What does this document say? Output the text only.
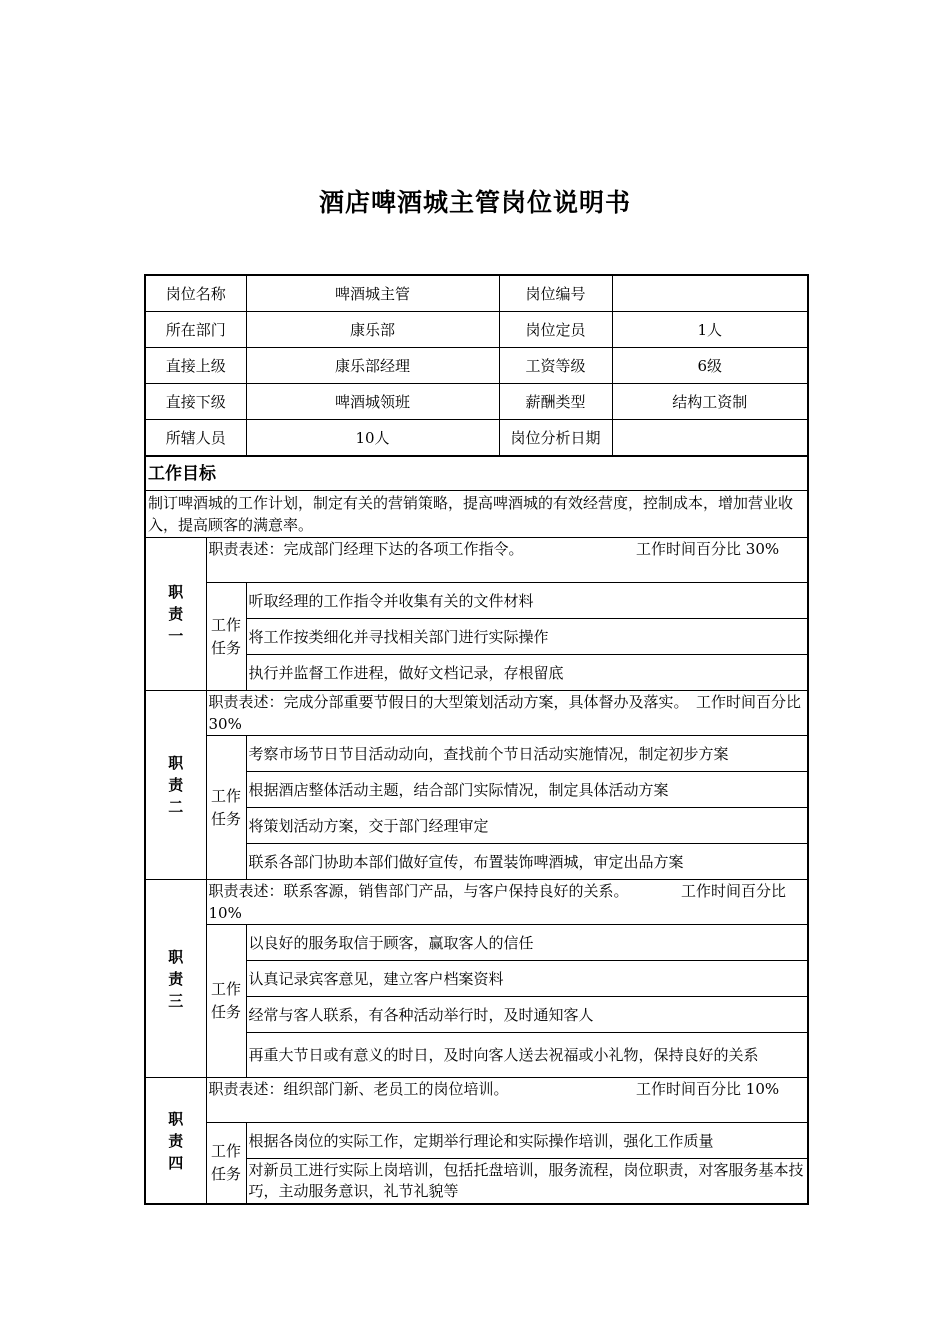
酒店啤酒城主管岗位说明书
岗位名称		啤酒城主管	岗位编号	
所在部门		康乐部	岗位定员	1人
直接上级		康乐部经理	工资等级	6级
直接下级		啤酒城领班	薪酬类型	结构工资制
所辖人员		10人	岗位分析日期	
工作目标				
制订啤酒城的工作计划，制定有关的营销策略，提高啤酒城的有效经营度，控制成本，增加营业收入，提高顾客的满意率。				
职责一	职责表述：完成部门经理下达的各项工作指令。　　　　　　　　工作时间百分比 30%			
	工作任务	听取经理的工作指令并收集有关的文件材料		
		将工作按类细化并寻找相关部门进行实际操作		
		执行并监督工作进程，做好文档记录，存根留底		
职责二	职责表述：完成分部重要节假日的大型策划活动方案，具体督办及落实。　工作时间百分比 30%			
	工作任务	考察市场节日节目活动动向，查找前个节日活动实施情况，制定初步方案		
		根据酒店整体活动主题，结合部门实际情况，制定具体活动方案		
		将策划活动方案，交于部门经理审定		
		联系各部门协助本部们做好宣传，布置装饰啤酒城，审定出品方案		
职责三	职责表述：联系客源，销售部门产品，与客户保持良好的关系。　　　　工作时间百分比 10%			
	工作任务	以良好的服务取信于顾客，赢取客人的信任		
		认真记录宾客意见，建立客户档案资料		
		经常与客人联系，有各种活动举行时，及时通知客人		
		再重大节日或有意义的时日，及时向客人送去祝福或小礼物，保持良好的关系		
职责四	职责表述：组织部门新、老员工的岗位培训。　　　　　　　　　工作时间百分比 10%			
	工作任务	根据各岗位的实际工作，定期举行理论和实际操作培训，强化工作质量		
		对新员工进行实际上岗培训，包括托盘培训，服务流程，岗位职责，对客服务基本技巧，主动服务意识，礼节礼貌等		
